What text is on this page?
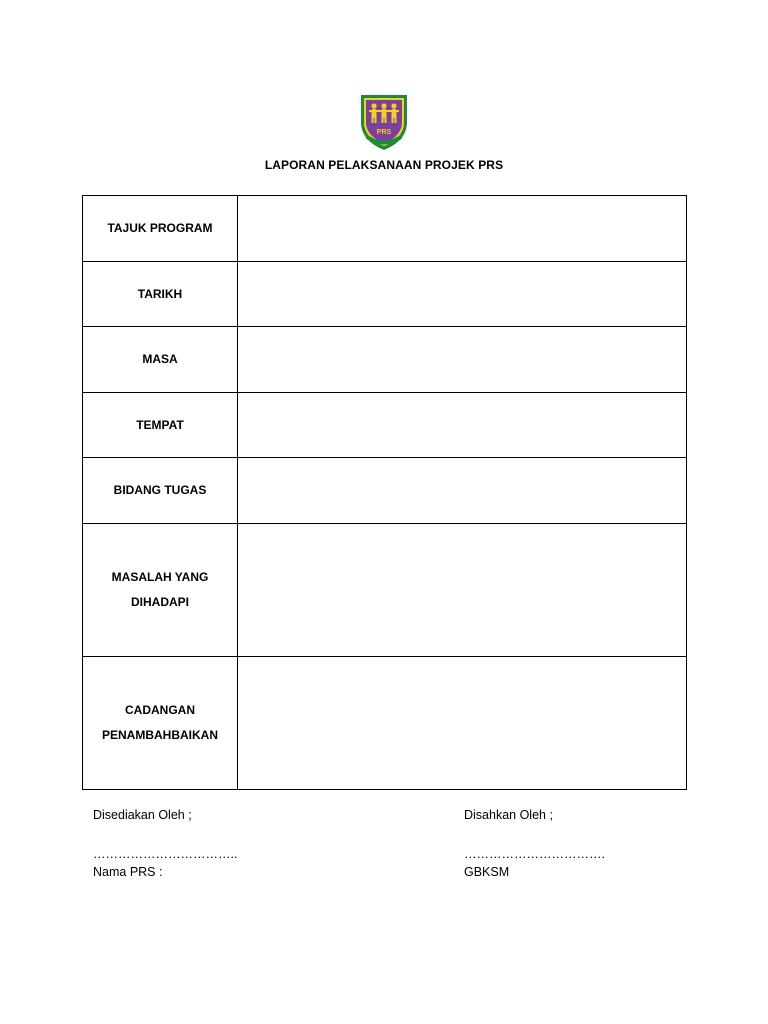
PRS
LAPORAN PELAKSANAAN PROJEK PRS
TAJUK PROGRAM	
TARIKH	
MASA	
TEMPAT	
BIDANG TUGAS	
MASALAH YANG
DIHADAPI	
CADANGAN
PENAMBAHBAIKAN	
Disediakan Oleh ;
……………………………..
Nama PRS :
Disahkan Oleh ;
…………………………….
GBKSM
